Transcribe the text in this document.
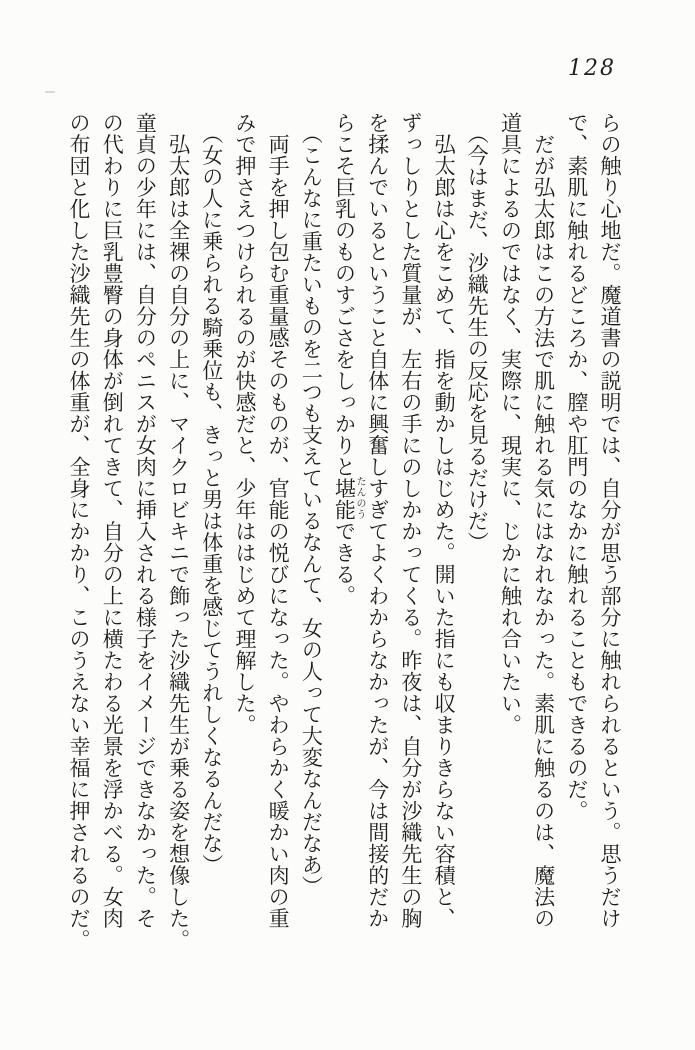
128
らの触り心地だ。魔道書の説明では、自分が思う部分に触れられるという。思うだけ
で、素肌に触れるどころか、膣や肛門のなかに触れることもできるのだ。
　だが弘太郎はこの方法で肌に触れる気にはなれなかった。素肌に触るのは、魔法の
道具によるのではなく、実際に、現実に、じかに触れ合いたい。
　（今はまだ、沙織先生の反応を見るだけだ）
　弘太郎は心をこめて、指を動かしはじめた。開いた指にも収まりきらない容積と、
ずっしりとした質量が、左右の手にのしかかってくる。昨夜は、自分が沙織先生の胸
を揉んでいるということ自体に興奮しすぎてよくわからなかったが、今は間接的だか
らこそ巨乳のものすごさをしっかりと堪能できる。
　（こんなに重たいものを二つも支えているなんて、女の人って大変なんだなあ）
　両手を押し包む重量感そのものが、官能の悦びになった。やわらかく暖かい肉の重
みで押さえつけられるのが快感だと、少年ははじめて理解した。
　（女の人に乗られる騎乗位も、きっと男は体重を感じてうれしくなるんだな）
　弘太郎は全裸の自分の上に、マイクロビキニで飾った沙織先生が乗る姿を想像した。
童貞の少年には、自分のペニスが女肉に挿入される様子をイメージできなかった。そ
の代わりに巨乳豊臀の身体が倒れてきて、自分の上に横たわる光景を浮かべる。女肉
の布団と化した沙織先生の体重が、全身にかかり、このうえない幸福に押されるのだ。	たんのう
